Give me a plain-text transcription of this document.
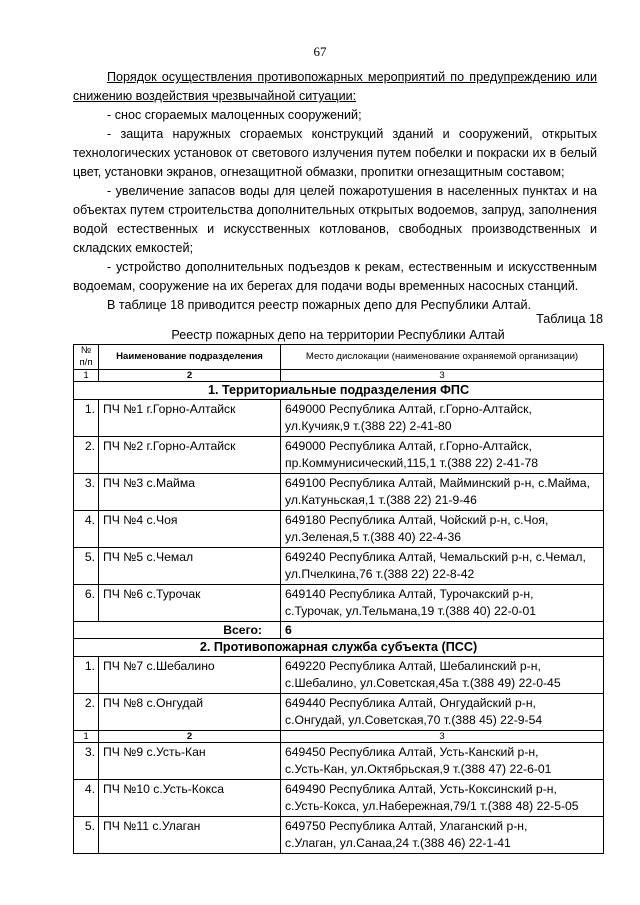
67

Порядок осуществления противопожарных мероприятий по предупреждению или снижению воздействия чрезвычайной ситуации:

- снос сгораемых малоценных сооружений;

- защита наружных сгораемых конструкций зданий и сооружений, открытых технологических установок от светового излучения путем побелки и покраски их в белый цвет, установки экранов, огнезащитной обмазки, пропитки огнезащитным составом;

- увеличение запасов воды для целей пожаротушения в населенных пунктах и на объектах путем строительства дополнительных открытых водоемов, запруд, заполнения водой естественных и искусственных котлованов, свободных производственных и складских емкостей;

- устройство дополнительных подъездов к рекам, естественным и искусственным водоемам, сооружение на их берегах для подачи воды временных насосных станций.

В таблице 18 приводится реестр пожарных депо для Республики Алтай.

Таблица 18
Реестр пожарных депо на территории Республики Алтай
№ п/п	Наименование подразделения	Место дислокации (наименование охраняемой организации)
1	2	3
1. Территориальные подразделения ФПС		
1.	ПЧ №1 г.Горно-Алтайск	649000 Республика Алтай, г.Горно-Алтайск,
ул.Кучияк,9 т.(388 22) 2-41-80

2.	ПЧ №2 г.Горно-Алтайск	649000 Республика Алтай, г.Горно-Алтайск,
пр.Коммунисический,115,1 т.(388 22) 2-41-78

3.	ПЧ №3 с.Майма	649100 Республика Алтай, Майминский р-н, с.Майма,
ул.Катуньская,1 т.(388 22) 21-9-46

4.	ПЧ №4 с.Чоя	649180 Республика Алтай, Чойский р-н, с.Чоя,
ул.Зеленая,5 т.(388 40) 22-4-36

5.	ПЧ №5 с.Чемал	649240 Республика Алтай, Чемальский р-н, с.Чемал,
ул.Пчелкина,76 т.(388 22) 22-8-42

6.	ПЧ №6 с.Турочак	649140 Республика Алтай, Турочакский р-н,
с.Турочак, ул.Тельмана,19 т.(388 40) 22-0-01

Всего:		6
2. Противопожарная служба субъекта (ПСС)		
1.	ПЧ №7 с.Шебалино	649220 Республика Алтай, Шебалинский р-н,
с.Шебалино, ул.Советская,45а т.(388 49) 22-0-45

2.	ПЧ №8 с.Онгудай	649440 Республика Алтай, Онгудайский р-н,
с.Онгудай, ул.Советская,70 т.(388 45) 22-9-54

1	2	3
3.	ПЧ №9 с.Усть-Кан	649450 Республика Алтай, Усть-Канский р-н,
с.Усть-Кан, ул.Октябрьская,9 т.(388 47) 22-6-01

4.	ПЧ №10 с.Усть-Кокса	649490 Республика Алтай, Усть-Коксинский р-н,
с.Усть-Кокса, ул.Набережная,79/1 т.(388 48) 22-5-05

5.	ПЧ №11 с.Улаган	649750 Республика Алтай, Улаганский р-н,
с.Улаган, ул.Санаа,24 т.(388 46) 22-1-41
